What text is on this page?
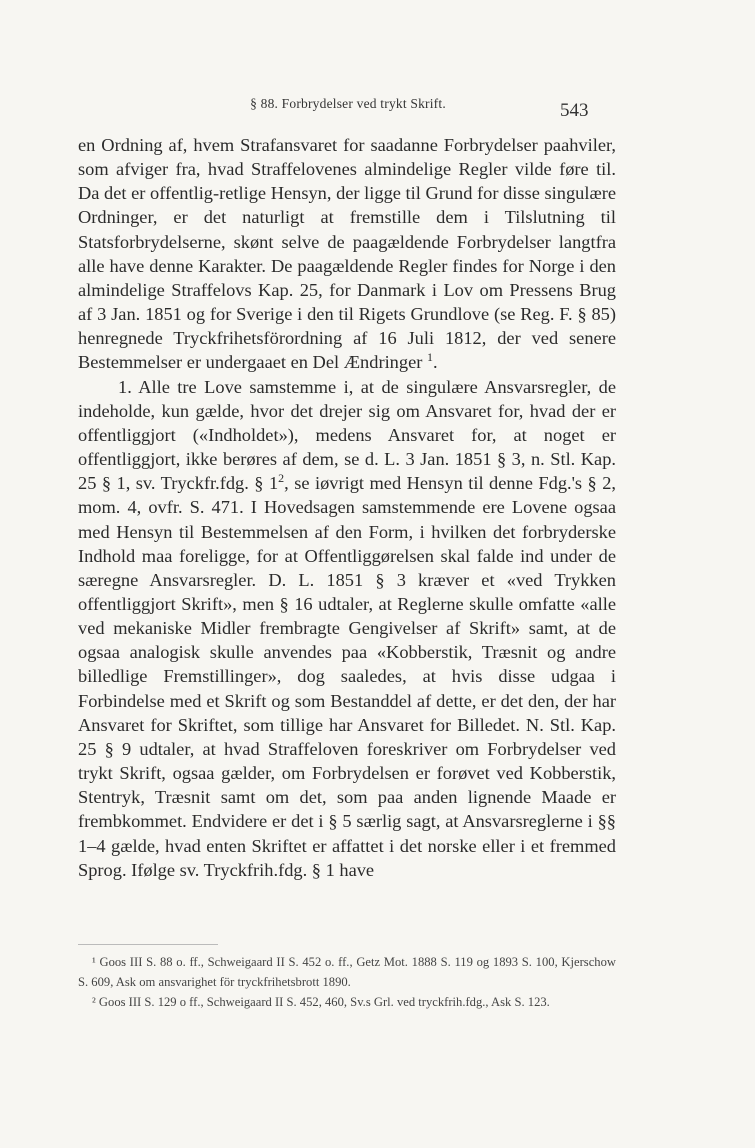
§ 88. Forbrydelser ved trykt Skrift.	543

en Ordning af, hvem Strafansvaret for saadanne Forbrydelser paahviler, som afviger fra, hvad Straffelovenes almindelige Regler vilde føre til. Da det er offentlig-retlige Hensyn, der ligge til Grund for disse singulære Ordninger, er det naturligt at fremstille dem i Tilslutning til Statsforbrydelserne, skønt selve de paagældende Forbrydelser langtfra alle have denne Karakter. De paagældende Regler findes for Norge i den almindelige Straffelovs Kap. 25, for Danmark i Lov om Pressens Brug af 3 Jan. 1851 og for Sverige i den til Rigets Grundlove (se Reg. F. § 85) henregnede Tryckfrihetsförordning af 16 Juli 1812, der ved senere Bestemmelser er undergaaet en Del Ændringer $^1$.

1. Alle tre Love samstemme i, at de singulære Ansvarsregler, de indeholde, kun gælde, hvor det drejer sig om Ansvaret for, hvad der er offentliggjort («Indholdet»), medens Ansvaret for, at noget er offentliggjort, ikke berøres af dem, se d. L. 3 Jan. 1851 § 3, n. Stl. Kap. 25 § 1, sv. Tryckfr.fdg. § $1^2$, se iøvrigt med Hensyn til denne Fdg.'s § 2, mom. 4, ovfr. S. 471. I Hovedsagen samstemmende ere Lovene ogsaa med Hensyn til Bestemmelsen af den Form, i hvilken det forbryderske Indhold maa foreligge, for at Offentliggørelsen skal falde ind under de særegne Ansvarsregler. D. L. 1851 § 3 kræver et «ved Trykken offentliggjort Skrift», men § 16 udtaler, at Reglerne skulle omfatte «alle ved mekaniske Midler frembragte Gengivelser af Skrift» samt, at de ogsaa analogisk skulle anvendes paa «Kobberstik, Træsnit og andre billedlige Fremstillinger», dog saaledes, at hvis disse udgaa i Forbindelse med et Skrift og som Bestanddel af dette, er det den, der har Ansvaret for Skriftet, som tillige har Ansvaret for Billedet. N. Stl. Kap. 25 § 9 udtaler, at hvad Straffeloven foreskriver om Forbrydelser ved trykt Skrift, ogsaa gælder, om Forbrydelsen er forøvet ved Kobberstik, Stentryk, Træsnit samt om det, som paa anden lignende Maade er frembkommet. Endvidere er det i § 5 særlig sagt, at Ansvarsreglerne i §§ 1–4 gælde, hvad enten Skriftet er affattet i det norske eller i et fremmed Sprog. Ifølge sv. Tryckfrih.fdg. § 1 have

¹ Goos III S. 88 o. ff., Schweigaard II S. 452 o. ff., Getz Mot. 1888 S. 119 og 1893 S. 100, Kjerschow S. 609, Ask om ansvarighet för tryckfrihetsbrott 1890.

² Goos III S. 129 o ff., Schweigaard II S. 452, 460, Sv.s Grl. ved tryckfrih.fdg., Ask S. 123.
